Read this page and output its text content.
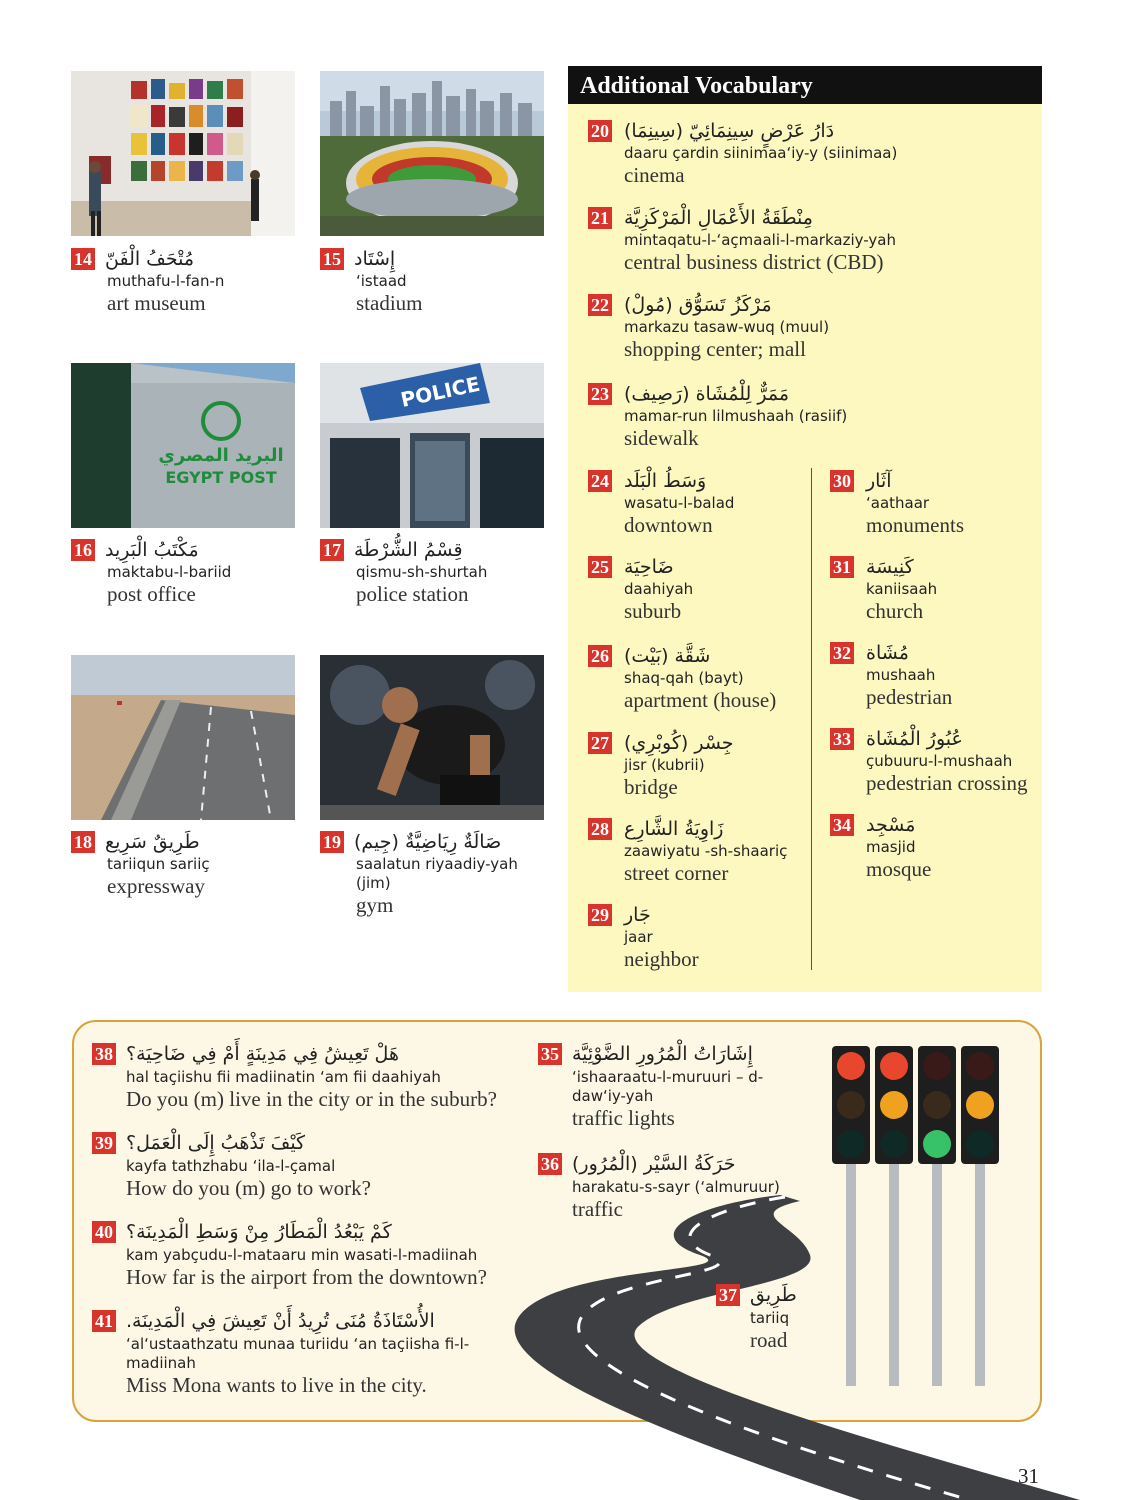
البريد المصري
EGYPT POST
POLICE
14 مُتْحَفُ الْفَنّ
muthafu-l-fan-n
art museum
15 إِسْتَاد
‘istaad
stadium
16 مَكْتَبُ الْبَرِيد
maktabu-l-bariid
post office
17 قِسْمُ الشُّرْطَة
qismu-sh-shurtah
police station
18 طَرِيقٌ سَرِيع
tariiqun sariiç
expressway
19 صَالَةٌ رِيَاضِيَّةٌ (جِيم)
saalatun riyaadiy-yah (jim)
gym
Additional Vocabulary
20 دَارُ عَرْضٍ سِينِمَائِيّ (سِينِمَا)
daaru çardin siinimaa‘iy-y (siinimaa)
cinema
21 مِنْطَقَةُ الأَعْمَالِ الْمَرْكَزِيَّة
mintaqatu-l-‘açmaali-l-markaziy-yah
central business district (CBD)
22 مَرْكَزُ تَسَوُّق (مُولْ)
markazu tasaw-wuq (muul)
shopping center; mall
23 مَمَرٌّ لِلْمُشَاة (رَصِيف)
mamar-run lilmushaah (rasiif)
sidewalk
24 وَسَطُ الْبَلَد
wasatu-l-balad
downtown
25 ضَاحِيَة
daahiyah
suburb
26 شَقَّة (بَيْت)
shaq-qah (bayt)
apartment (house)
27 جِسْر (كُوبْرِي)
jisr (kubrii)
bridge
28 زَاوِيَةُ الشَّارِع
zaawiyatu -sh-shaariç
street corner
29 جَار
jaar
neighbor
30 آثَار
‘aathaar
monuments
31 كَنِيسَة
kaniisaah
church
32 مُشَاة
mushaah
pedestrian
33 عُبُورُ الْمُشَاة
çubuuru-l-mushaah
pedestrian crossing
34 مَسْجِد
masjid
mosque
38 هَلْ تَعِيشُ فِي مَدِينَةٍ أَمْ فِي ضَاحِيَة؟
hal taçiishu fii madiinatin ‘am fii daahiyah
Do you (m) live in the city or in the suburb?
39 كَيْفَ تَذْهَبُ إِلَى الْعَمَل؟
kayfa tathzhabu ‘ila-l-çamal
How do you (m) go to work?
40 كَمْ يَبْعُدُ الْمَطَارُ مِنْ وَسَطِ الْمَدِينَة؟
kam yabçudu-l-mataaru min wasati-l-madiinah
How far is the airport from the downtown?
41 الأُسْتَاذَةُ مُنَى تُرِيدُ أَنْ تَعِيشَ فِي الْمَدِينَة.
‘al‘ustaathzatu munaa turiidu ‘an taçiisha fi-l-madiinah
Miss Mona wants to live in the city.
35 إِشَارَاتُ الْمُرُورِ الضَّوْئِيَّة
‘ishaaraatu-l-muruuri – d-daw‘iy-yah
traffic lights
36 حَرَكَةُ السَّيْر (الْمُرُور)
harakatu-s-sayr (‘almuruur)
traffic
37 طَرِيق
tariiq
road
31
